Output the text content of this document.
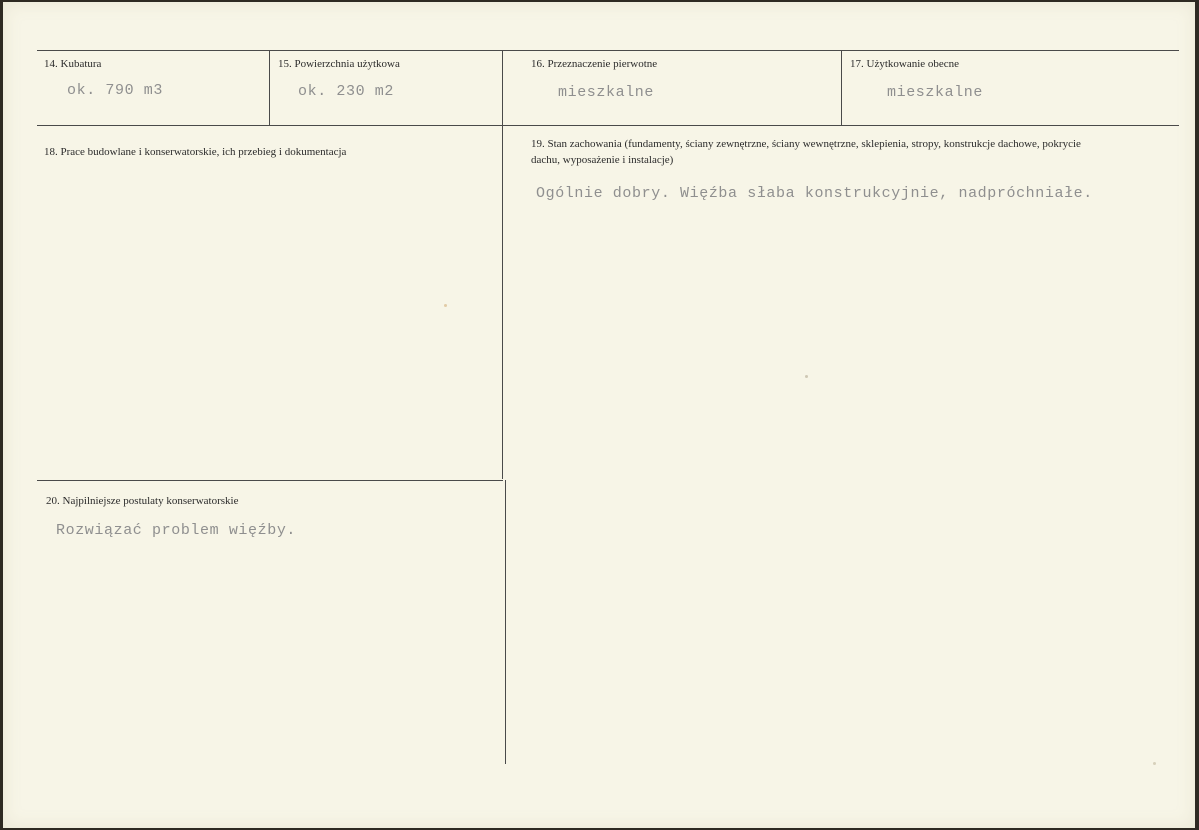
14. Kubatura
ok. 790 m3
15. Powierzchnia użytkowa
ok. 230 m2
16. Przeznaczenie pierwotne
mieszkalne
17. Użytkowanie obecne
mieszkalne
18. Prace budowlane i konserwatorskie, ich przebieg i dokumentacja
19. Stan zachowania (fundamenty, ściany zewnętrzne, ściany wewnętrzne, sklepienia, stropy, konstrukcje dachowe, pokrycie dachu, wyposażenie i instalacje)
Ogólnie dobry. Więźba słaba konstrukcyjnie, nadpróchniałe.
20. Najpilniejsze postulaty konserwatorskie
Rozwiązać problem więźby.
